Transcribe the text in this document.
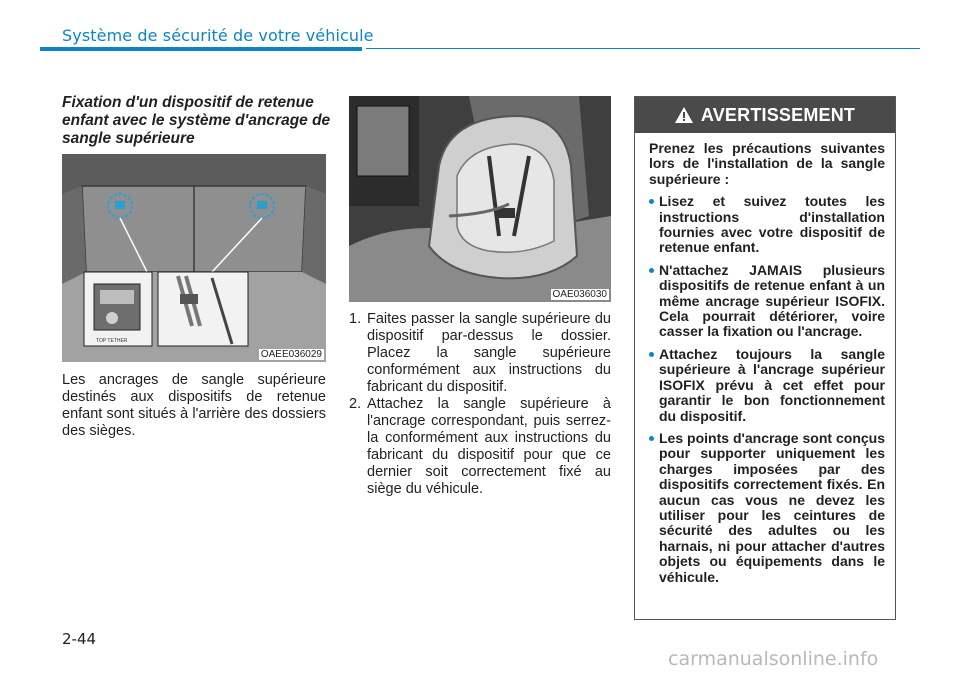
Système de sécurité de votre véhicule
Fixation d'un dispositif de retenue enfant avec le système d'ancrage de sangle supérieure
TOP TETHER
OAEE036029
Les ancrages de sangle supérieure destinés aux dispositifs de retenue enfant sont situés à l'arrière des dossiers des sièges.
OAE036030
1. Faites passer la sangle supérieure du dispositif par-dessus le dossier. Placez la sangle supérieure conformément aux instructions du fabricant du dispositif.
2. Attachez la sangle supérieure à l'ancrage correspondant, puis serrez-la conformément aux instructions du fabricant du dispositif pour que ce dernier soit correctement fixé au siège du véhicule.
AVERTISSEMENT
Prenez les précautions suivantes lors de l'installation de la sangle supérieure :
Lisez et suivez toutes les instructions d'installation fournies avec votre dispositif de retenue enfant.
N'attachez JAMAIS plusieurs dispositifs de retenue enfant à un même ancrage supérieur ISOFIX. Cela pourrait détériorer, voire casser la fixation ou l'ancrage.
Attachez toujours la sangle supérieure à l'ancrage supérieur ISOFIX prévu à cet effet pour garantir le bon fonctionnement du dispositif.
Les points d'ancrage sont conçus pour supporter uniquement les charges imposées par des dispositifs correctement fixés. En aucun cas vous ne devez les utiliser pour les ceintures de sécurité des adultes ou les harnais, ni pour attacher d'autres objets ou équipements dans le véhicule.
2-44
carmanualsonline.info
